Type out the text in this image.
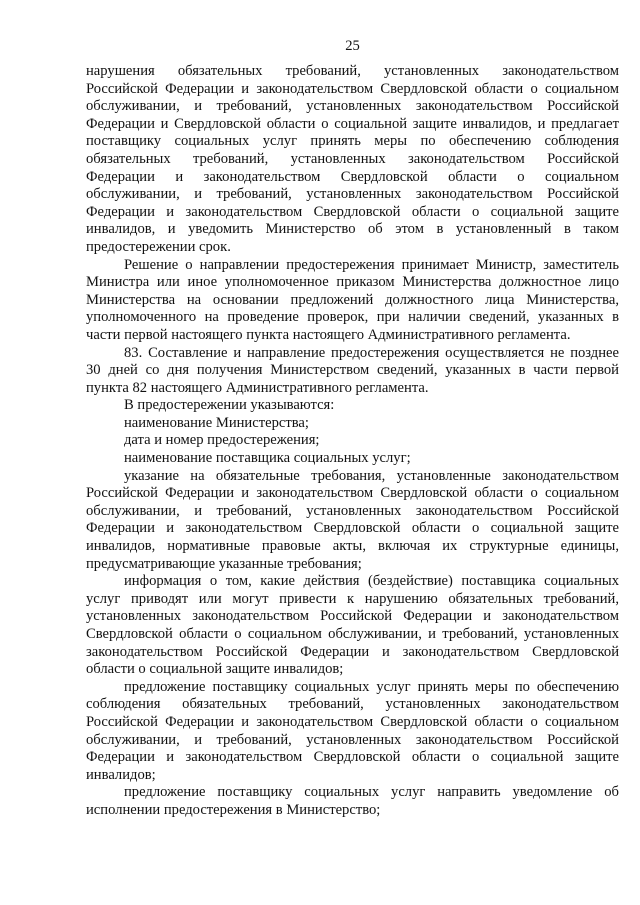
25
нарушения обязательных требований, установленных законодательством
Российской Федерации и законодательством Свердловской области о социальном
обслуживании, и требований, установленных законодательством Российской
Федерации и Свердловской области о социальной защите инвалидов, и предлагает
поставщику социальных услуг принять меры по обеспечению соблюдения
обязательных требований, установленных законодательством Российской
Федерации и законодательством Свердловской области о социальном
обслуживании, и требований, установленных законодательством Российской
Федерации и законодательством Свердловской области о социальной защите
инвалидов, и уведомить Министерство об этом в установленный в таком
предостережении срок.
Решение о направлении предостережения принимает Министр, заместитель
Министра или иное уполномоченное приказом Министерства должностное лицо
Министерства на основании предложений должностного лица Министерства,
уполномоченного на проведение проверок, при наличии сведений, указанных в
части первой настоящего пункта настоящего Административного регламента.
83. Составление и направление предостережения осуществляется не позднее
30 дней со дня получения Министерством сведений, указанных в части первой
пункта 82 настоящего Административного регламента.
В предостережении указываются:
наименование Министерства;
дата и номер предостережения;
наименование поставщика социальных услуг;
указание на обязательные требования, установленные законодательством
Российской Федерации и законодательством Свердловской области о социальном
обслуживании, и требований, установленных законодательством Российской
Федерации и законодательством Свердловской области о социальной защите
инвалидов, нормативные правовые акты, включая их структурные единицы,
предусматривающие указанные требования;
информация о том, какие действия (бездействие) поставщика социальных
услуг приводят или могут привести к нарушению обязательных требований,
установленных законодательством Российской Федерации и законодательством
Свердловской области о социальном обслуживании, и требований, установленных
законодательством Российской Федерации и законодательством Свердловской
области о социальной защите инвалидов;
предложение поставщику социальных услуг принять меры по обеспечению
соблюдения обязательных требований, установленных законодательством
Российской Федерации и законодательством Свердловской области о социальном
обслуживании, и требований, установленных законодательством Российской
Федерации и законодательством Свердловской области о социальной защите
инвалидов;
предложение поставщику социальных услуг направить уведомление об
исполнении предостережения в Министерство;
